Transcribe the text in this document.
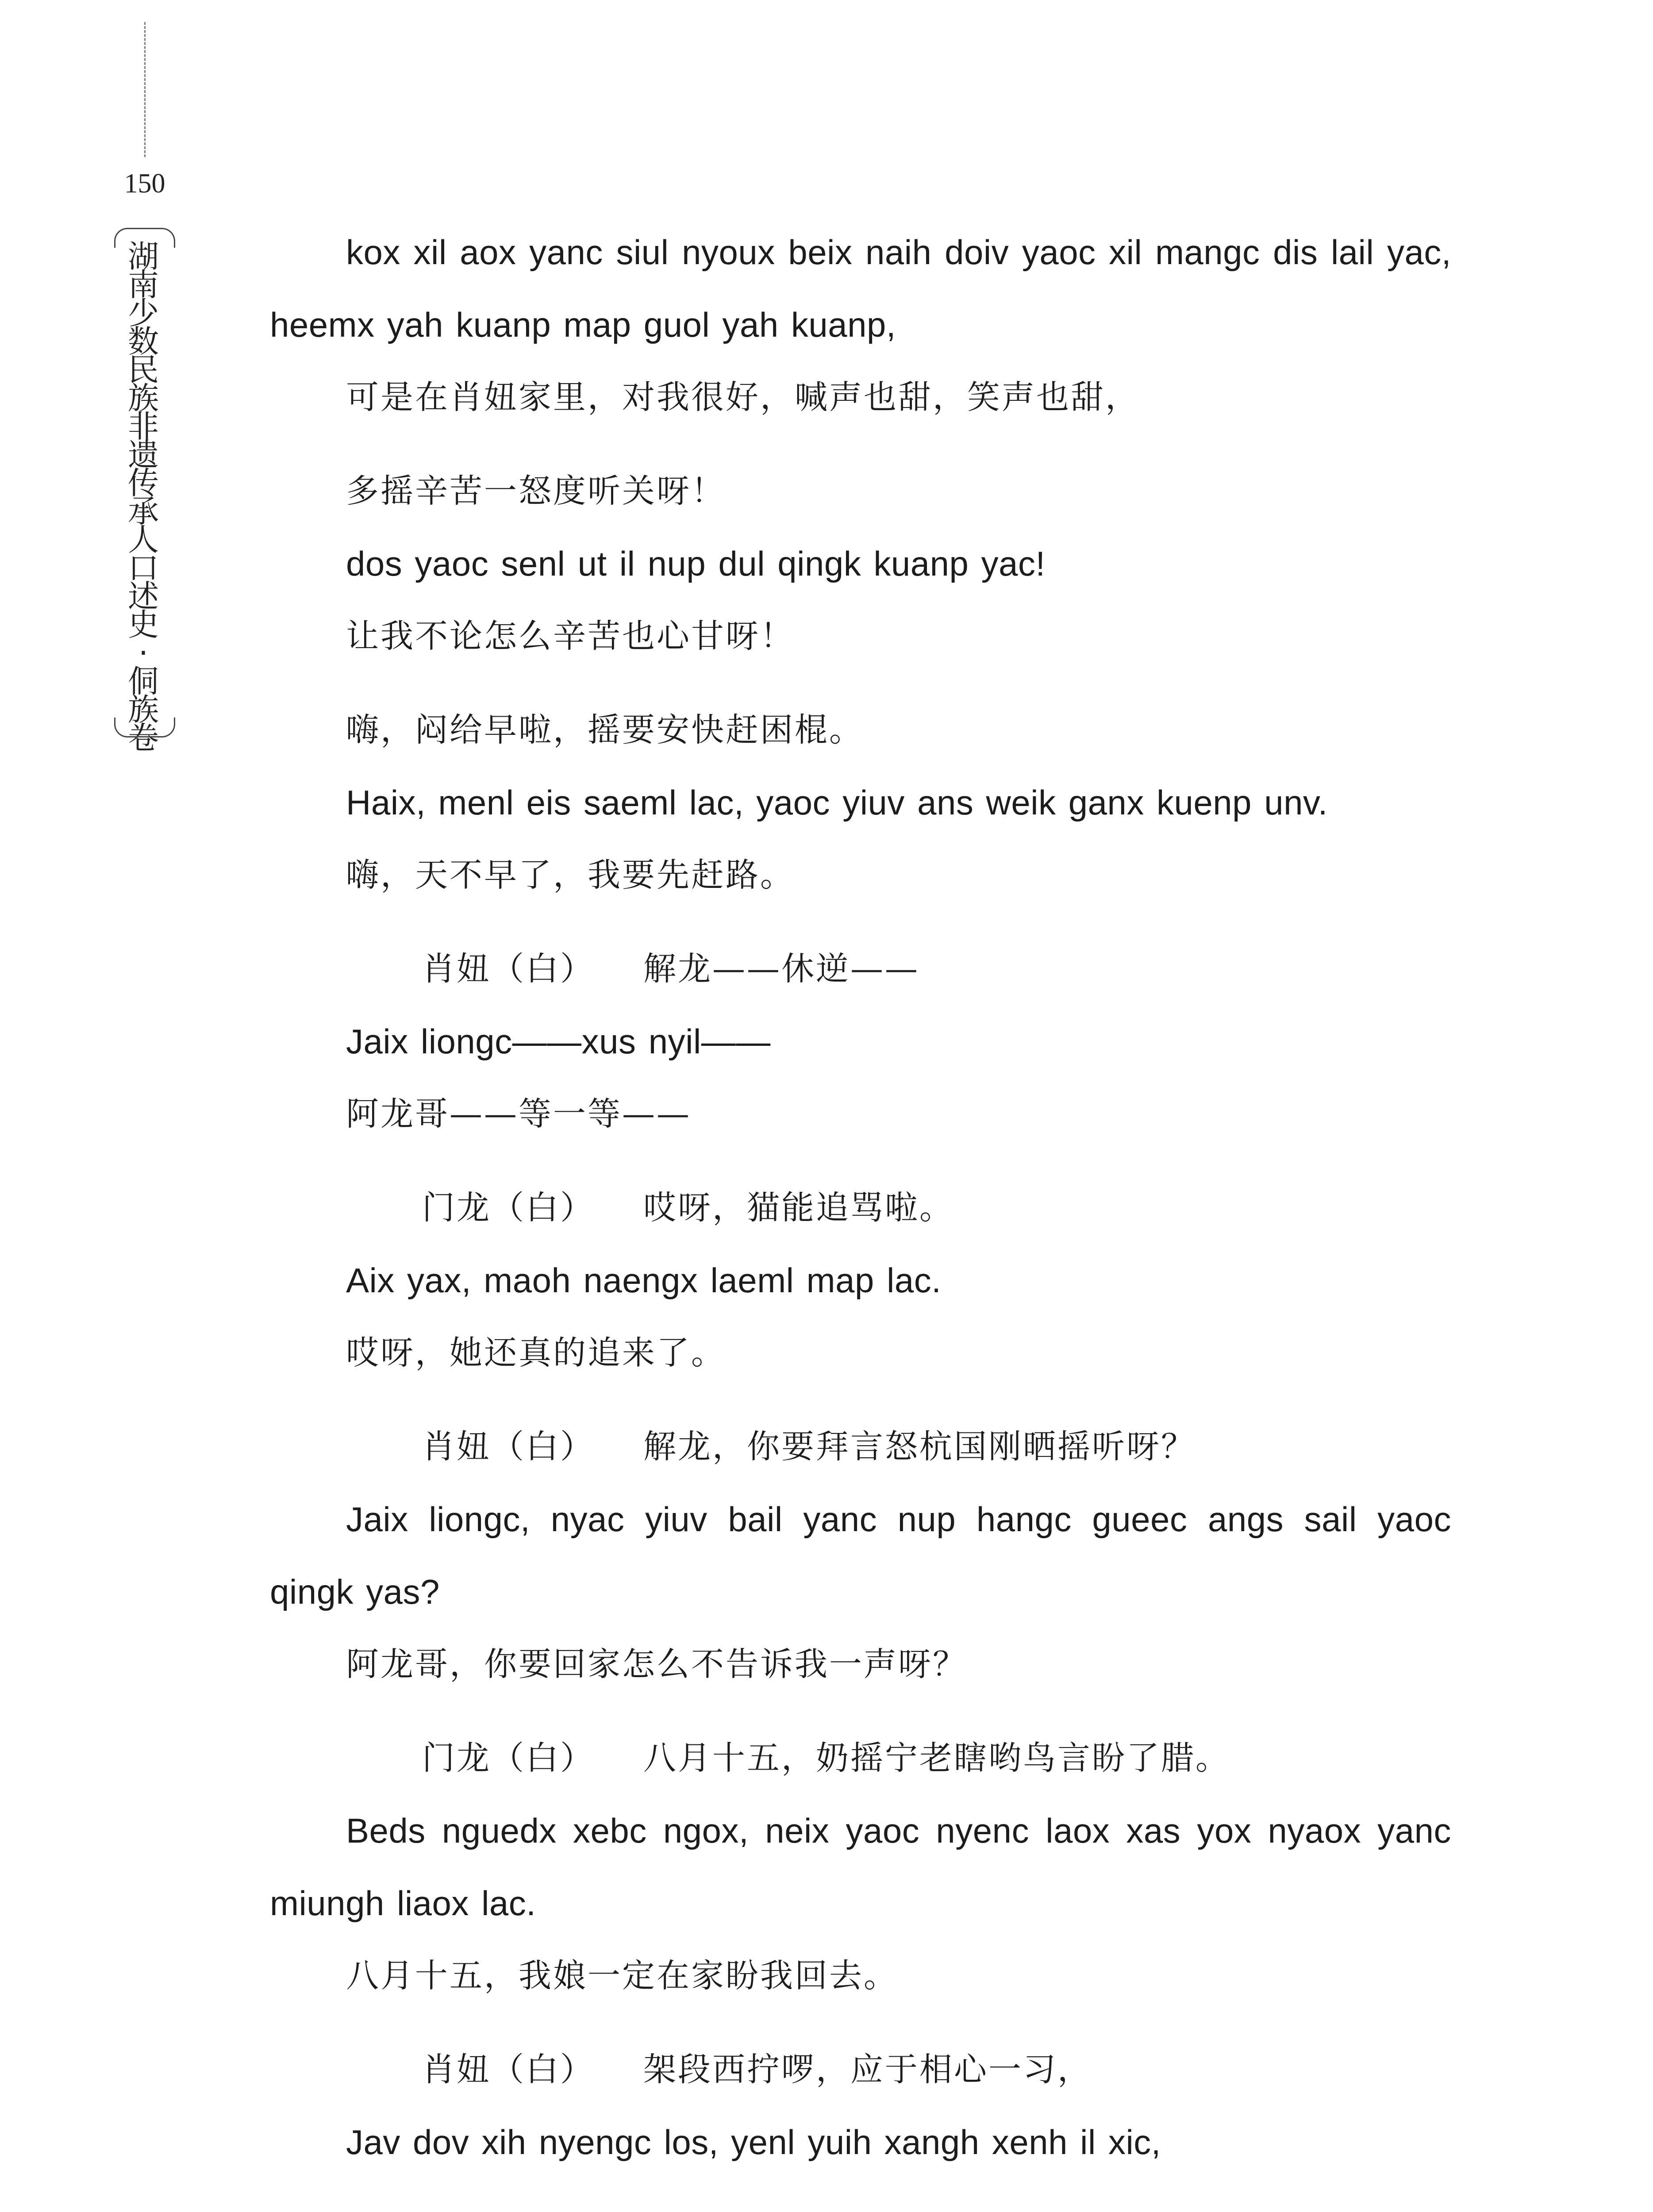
150
湖南少数民族非遗传承人口述史·侗族卷

kox xil aox yanc siul nyoux beix naih doiv yaoc xil mangc dis lail yac, heemx yah kuanp map guol yah kuanp,

可是在肖妞家里，对我很好，喊声也甜，笑声也甜，

多摇辛苦一怒度听关呀！

dos yaoc senl ut il nup dul qingk kuanp yac!

让我不论怎么辛苦也心甘呀！

嗨，闷给早啦，摇要安快赶困棍。

Haix, menl eis saeml lac, yaoc yiuv ans weik ganx kuenp unv.

嗨，天不早了，我要先赶路。

肖妞（白） 解龙——休逆——

Jaix liongc——xus nyil——

阿龙哥——等一等——

门龙（白） 哎呀，猫能追骂啦。

Aix yax, maoh naengx laeml map lac.

哎呀，她还真的追来了。

肖妞（白） 解龙，你要拜言怒杭国刚晒摇听呀？

Jaix liongc, nyac yiuv bail yanc nup hangc gueec angs sail yaoc qingk yas?

阿龙哥，你要回家怎么不告诉我一声呀？

门龙（白） 八月十五，奶摇宁老瞎哟鸟言盼了腊。

Beds nguedx xebc ngox, neix yaoc nyenc laox xas yox nyaox yanc miungh liaox lac.

八月十五，我娘一定在家盼我回去。

肖妞（白） 架段西拧啰，应于相心一习，

Jav dov xih nyengc los, yenl yuih xangh xenh il xic,
